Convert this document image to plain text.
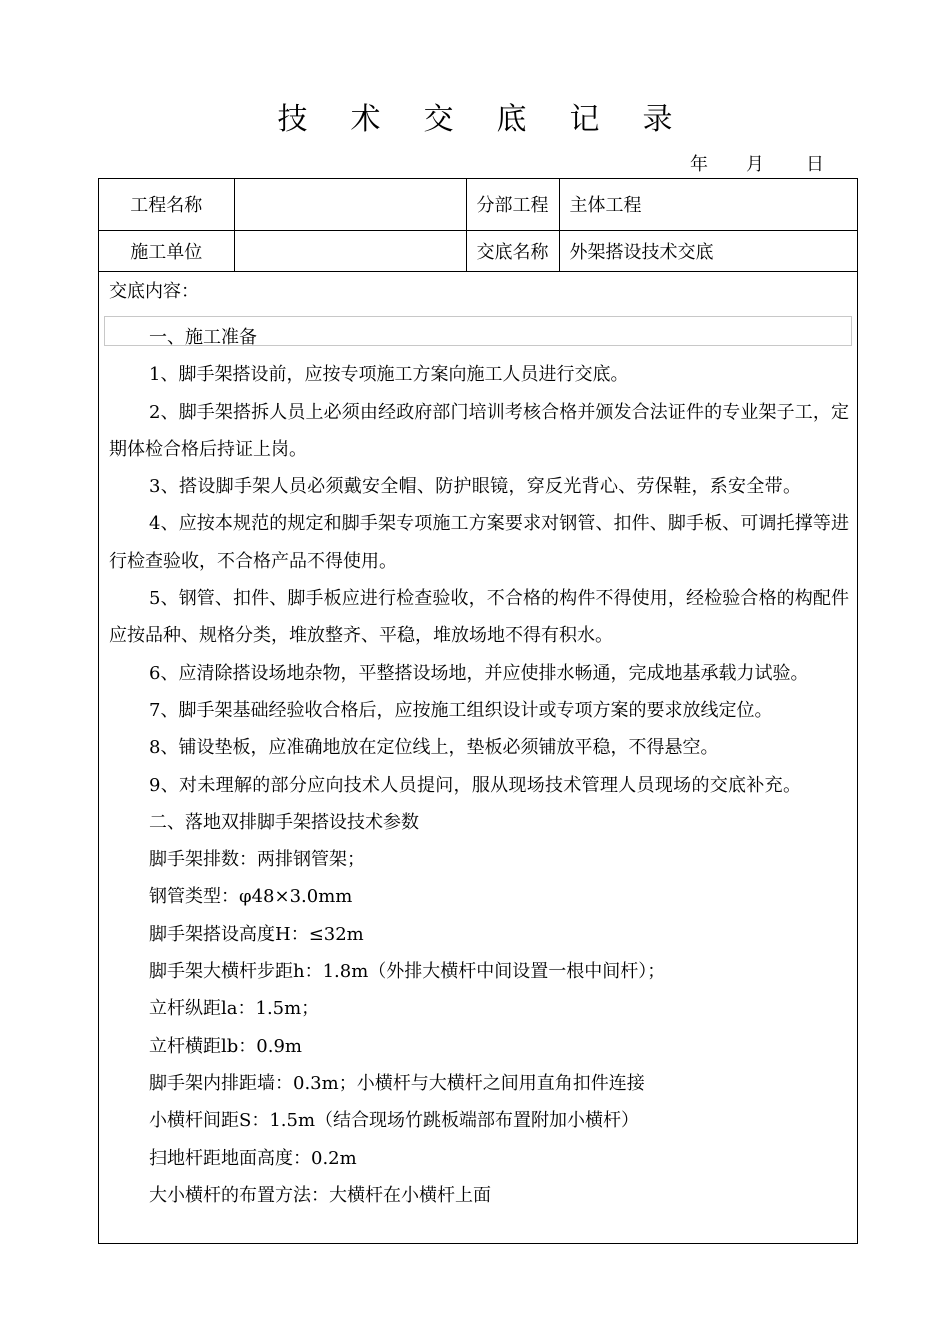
技术交底记录
年 月 日
工程名称		分部工程	主体工程
施工单位		交底名称	外架搭设技术交底
交底内容：

一、施工准备

1、脚手架搭设前，应按专项施工方案向施工人员进行交底。

2、脚手架搭拆人员上必须由经政府部门培训考核合格并颁发合法证件的专业架子工，定期体检合格后持证上岗。

3、搭设脚手架人员必须戴安全帽、防护眼镜，穿反光背心、劳保鞋，系安全带。

4、应按本规范的规定和脚手架专项施工方案要求对钢管、扣件、脚手板、可调托撑等进行检查验收，不合格产品不得使用。

5、钢管、扣件、脚手板应进行检查验收，不合格的构件不得使用，经检验合格的构配件应按品种、规格分类，堆放整齐、平稳，堆放场地不得有积水。

6、应清除搭设场地杂物，平整搭设场地，并应使排水畅通，完成地基承载力试验。

7、脚手架基础经验收合格后，应按施工组织设计或专项方案的要求放线定位。

8、铺设垫板，应准确地放在定位线上，垫板必须铺放平稳，不得悬空。

9、对未理解的部分应向技术人员提问，服从现场技术管理人员现场的交底补充。

二、落地双排脚手架搭设技术参数

脚手架排数：两排钢管架；

钢管类型：φ48×3.0mm

脚手架搭设高度H：≤32m

脚手架大横杆步距h：1.8m（外排大横杆中间设置一根中间杆）；

立杆纵距la：1.5m；

立杆横距lb：0.9m

脚手架内排距墙：0.3m；小横杆与大横杆之间用直角扣件连接

小横杆间距S：1.5m（结合现场竹跳板端部布置附加小横杆）

扫地杆距地面高度：0.2m

大小横杆的布置方法：大横杆在小横杆上面
